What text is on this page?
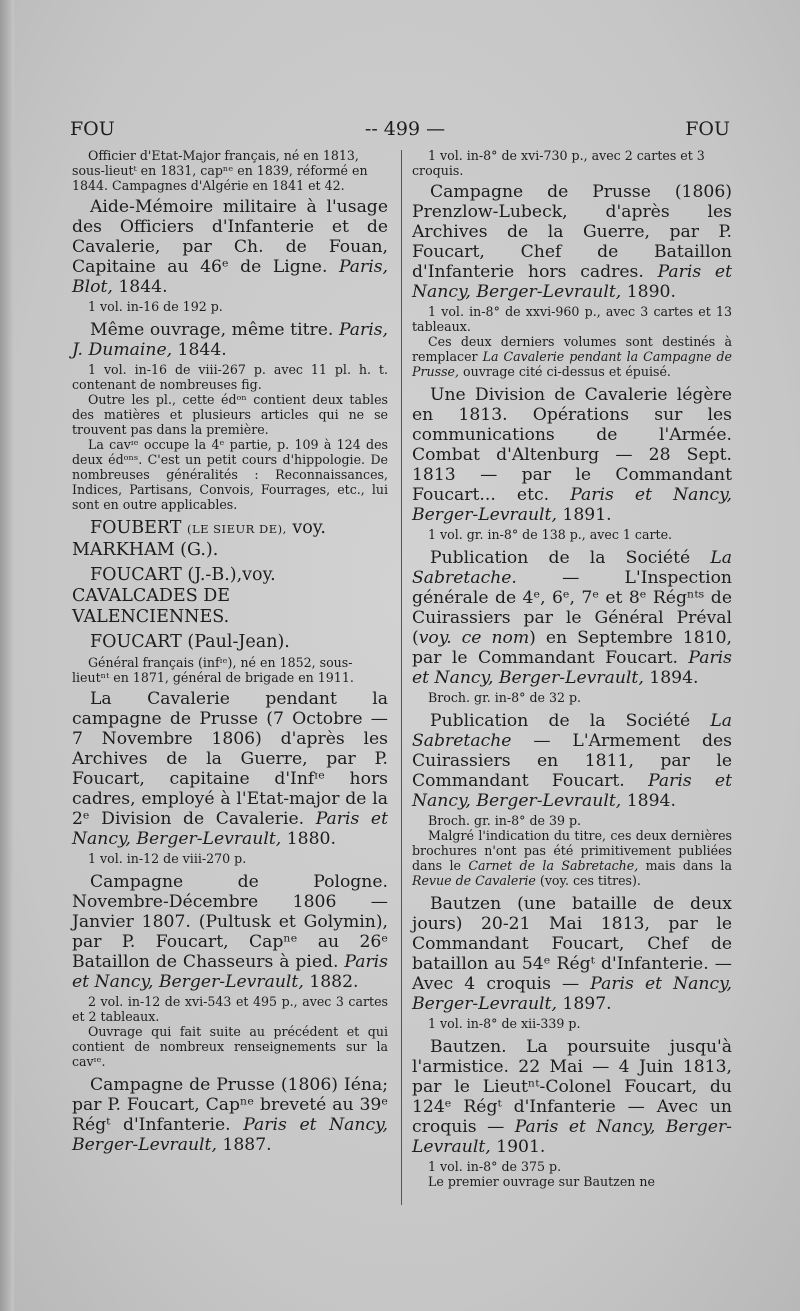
FOU	-- 499 —	FOU

Officier d'Etat-Major français, né en 1813, sous-lieutᵗ en 1831, capⁿᵉ en 1839, réformé en 1844. Campagnes d'Algérie en 1841 et 42.

Aide-Mémoire militaire à l'usage des Officiers d'Infanterie et de Cavalerie, par Ch. de Fouan, Capitaine au 46ᵉ de Ligne. Paris, Blot, 1844.

1 vol. in-16 de 192 p.

Même ouvrage, même titre. Paris, J. Dumaine, 1844.

1 vol. in-16 de viii-267 p. avec 11 pl. h. t. contenant de nombreuses fig.

Outre les pl., cette édᵒⁿ contient deux tables des matières et plusieurs articles qui ne se trouvent pas dans la première.

La cavᶦᵉ occupe la 4ᵉ partie, p. 109 à 124 des deux édᵒⁿˢ. C'est un petit cours d'hippologie. De nombreuses généralités : Reconnaissances, Indices, Partisans, Convois, Fourrages, etc., lui sont en outre applicables.

FOUBERT (LE SIEUR DE), voy. MARKHAM (G.).

FOUCART (J.-B.),voy. CAVALCADES DE VALENCIENNES.

FOUCART (Paul-Jean).

Général français (infᶦᵉ), né en 1852, sous-lieutⁿᵗ en 1871, général de brigade en 1911.

La Cavalerie pendant la campagne de Prusse (7 Octobre — 7 Novembre 1806) d'après les Archives de la Guerre, par P. Foucart, capitaine d'Infᶦᵉ hors cadres, employé à l'Etat-major de la 2ᵉ Division de Cavalerie. Paris et Nancy, Berger-Levrault, 1880.

1 vol. in-12 de viii-270 p.

Campagne de Pologne. Novembre-Décembre 1806 — Janvier 1807. (Pultusk et Golymin), par P. Foucart, Capⁿᵉ au 26ᵉ Bataillon de Chasseurs à pied. Paris et Nancy, Berger-Levrault, 1882.

2 vol. in-12 de xvi-543 et 495 p., avec 3 cartes et 2 tableaux.

Ouvrage qui fait suite au précédent et qui contient de nombreux renseignements sur la cavᶦᵉ.

Campagne de Prusse (1806) Iéna; par P. Foucart, Capⁿᵉ breveté au 39ᵉ Régᵗ d'Infanterie. Paris et Nancy, Berger-Levrault, 1887.

1 vol. in-8° de xvi-730 p., avec 2 cartes et 3 croquis.

Campagne de Prusse (1806) Prenzlow-Lubeck, d'après les Archives de la Guerre, par P. Foucart, Chef de Bataillon d'Infanterie hors cadres. Paris et Nancy, Berger-Levrault, 1890.

1 vol. in-8° de xxvi-960 p., avec 3 cartes et 13 tableaux.

Ces deux derniers volumes sont destinés à remplacer La Cavalerie pendant la Campagne de Prusse, ouvrage cité ci-dessus et épuisé.

Une Division de Cavalerie légère en 1813. Opérations sur les communications de l'Armée. Combat d'Altenburg — 28 Sept. 1813 — par le Commandant Foucart... etc. Paris et Nancy, Berger-Levrault, 1891.

1 vol. gr. in-8° de 138 p., avec 1 carte.

Publication de la Société La Sabretache.	— L'Inspection générale de 4ᵉ, 6ᵉ, 7ᵉ et 8ᵉ Régⁿᵗˢ de Cuirassiers par le Général Préval (voy. ce nom) en Septembre 1810, par le Commandant Foucart. Paris et Nancy, Berger-Levrault, 1894.

Broch. gr. in-8° de 32 p.

Publication de la Société La Sabretache — L'Armement des Cuirassiers en 1811, par le Commandant Foucart. Paris et Nancy, Berger-Levrault, 1894.

Broch. gr. in-8° de 39 p.

Malgré l'indication du titre, ces deux dernières brochures n'ont pas été primitivement publiées dans le Carnet de la Sabretache, mais dans la Revue de Cavalerie (voy. ces titres).

Bautzen (une bataille de deux jours) 20-21 Mai 1813, par le Commandant Foucart, Chef de bataillon au 54ᵉ Régᵗ d'Infanterie. — Avec 4 croquis — Paris et Nancy, Berger-Levrault, 1897.

1 vol. in-8° de xii-339 p.

Bautzen. La poursuite jusqu'à l'armistice. 22 Mai — 4 Juin 1813, par le Lieutⁿᵗ-Colonel Foucart, du 124ᵉ Régᵗ d'Infanterie — Avec un croquis — Paris et Nancy, Berger-Levrault, 1901.

1 vol. in-8° de 375 p.

Le premier ouvrage sur Bautzen ne
